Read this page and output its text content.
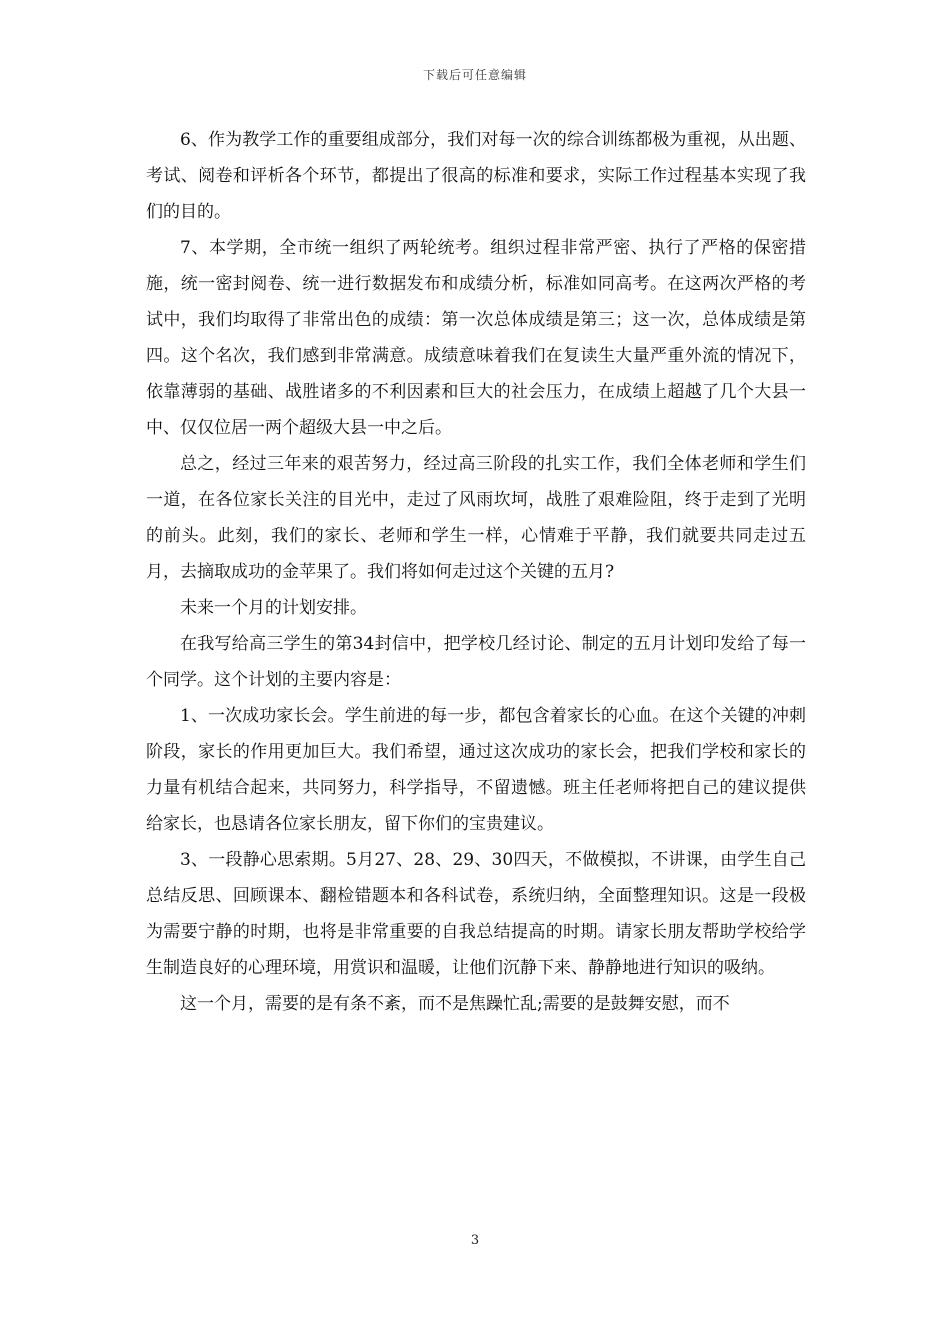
下载后可任意编辑

6、作为教学工作的重要组成部分，我们对每一次的综合训练都极为重视，从出题、考试、阅卷和评析各个环节，都提出了很高的标准和要求，实际工作过程基本实现了我们的目的。

7、本学期，全市统一组织了两轮统考。组织过程非常严密、执行了严格的保密措施，统一密封阅卷、统一进行数据发布和成绩分析，标准如同高考。在这两次严格的考试中，我们均取得了非常出色的成绩：第一次总体成绩是第三；这一次，总体成绩是第四。这个名次，我们感到非常满意。成绩意味着我们在复读生大量严重外流的情况下，依靠薄弱的基础、战胜诸多的不利因素和巨大的社会压力，在成绩上超越了几个大县一中、仅仅位居一两个超级大县一中之后。

总之，经过三年来的艰苦努力，经过高三阶段的扎实工作，我们全体老师和学生们一道，在各位家长关注的目光中，走过了风雨坎坷，战胜了艰难险阻，终于走到了光明的前头。此刻，我们的家长、老师和学生一样，心情难于平静，我们就要共同走过五月，去摘取成功的金苹果了。我们将如何走过这个关键的五月?

未来一个月的计划安排。

在我写给高三学生的第34封信中，把学校几经讨论、制定的五月计划印发给了每一个同学。这个计划的主要内容是：

1、一次成功家长会。学生前进的每一步，都包含着家长的心血。在这个关键的冲刺阶段，家长的作用更加巨大。我们希望，通过这次成功的家长会，把我们学校和家长的力量有机结合起来，共同努力，科学指导，不留遗憾。班主任老师将把自己的建议提供给家长，也恳请各位家长朋友，留下你们的宝贵建议。

3、一段静心思索期。5月27、28、29、30四天，不做模拟，不讲课，由学生自己总结反思、回顾课本、翻检错题本和各科试卷，系统归纳，全面整理知识。这是一段极为需要宁静的时期，也将是非常重要的自我总结提高的时期。请家长朋友帮助学校给学生制造良好的心理环境，用赏识和温暖，让他们沉静下来、静静地进行知识的吸纳。

这一个月，需要的是有条不紊，而不是焦躁忙乱;需要的是鼓舞安慰，而不

3
